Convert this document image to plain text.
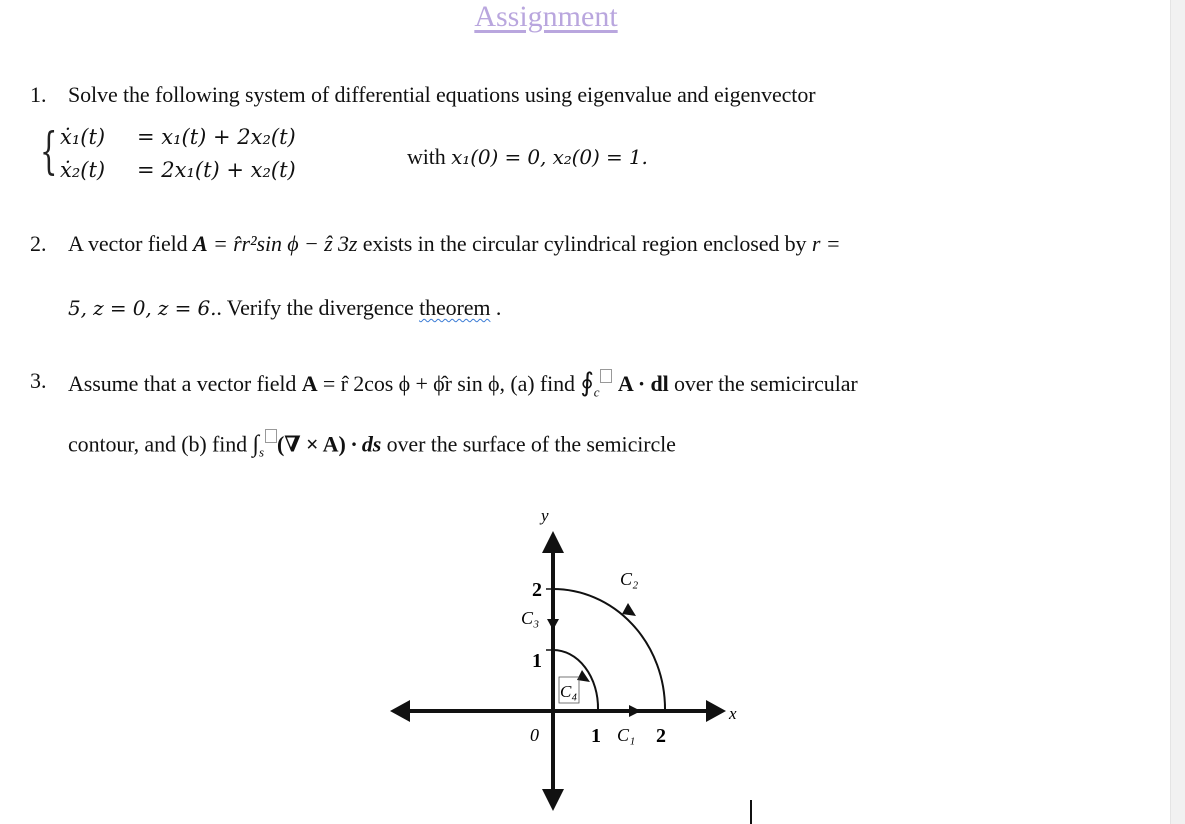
Assignment
1. Solve the following system of differential equations using eigenvalue and eigenvector
{ ẋ₁(t) = x₁(t) + 2x₂(t)
ẋ₂(t) = 2x₁(t) + x₂(t)
with x₁(0) = 0, x₂(0) = 1.
2. A vector field A = r̂r²sin ϕ − ẑ 3z exists in the circular cylindrical region enclosed by r =
5, z = 0, z = 6.. Verify the divergence theorem .
3. Assume that a vector field A = r̂ 2cos ϕ + ϕ̂r sin ϕ, (a) find $∮_c$ A · dl over the semicircular
contour, and (b) find $\int_s$ (∇ × A) · ds over the surface of the semicircle
y
x
0
2
1
1	2
C₁
C₂
C₃
C₄
